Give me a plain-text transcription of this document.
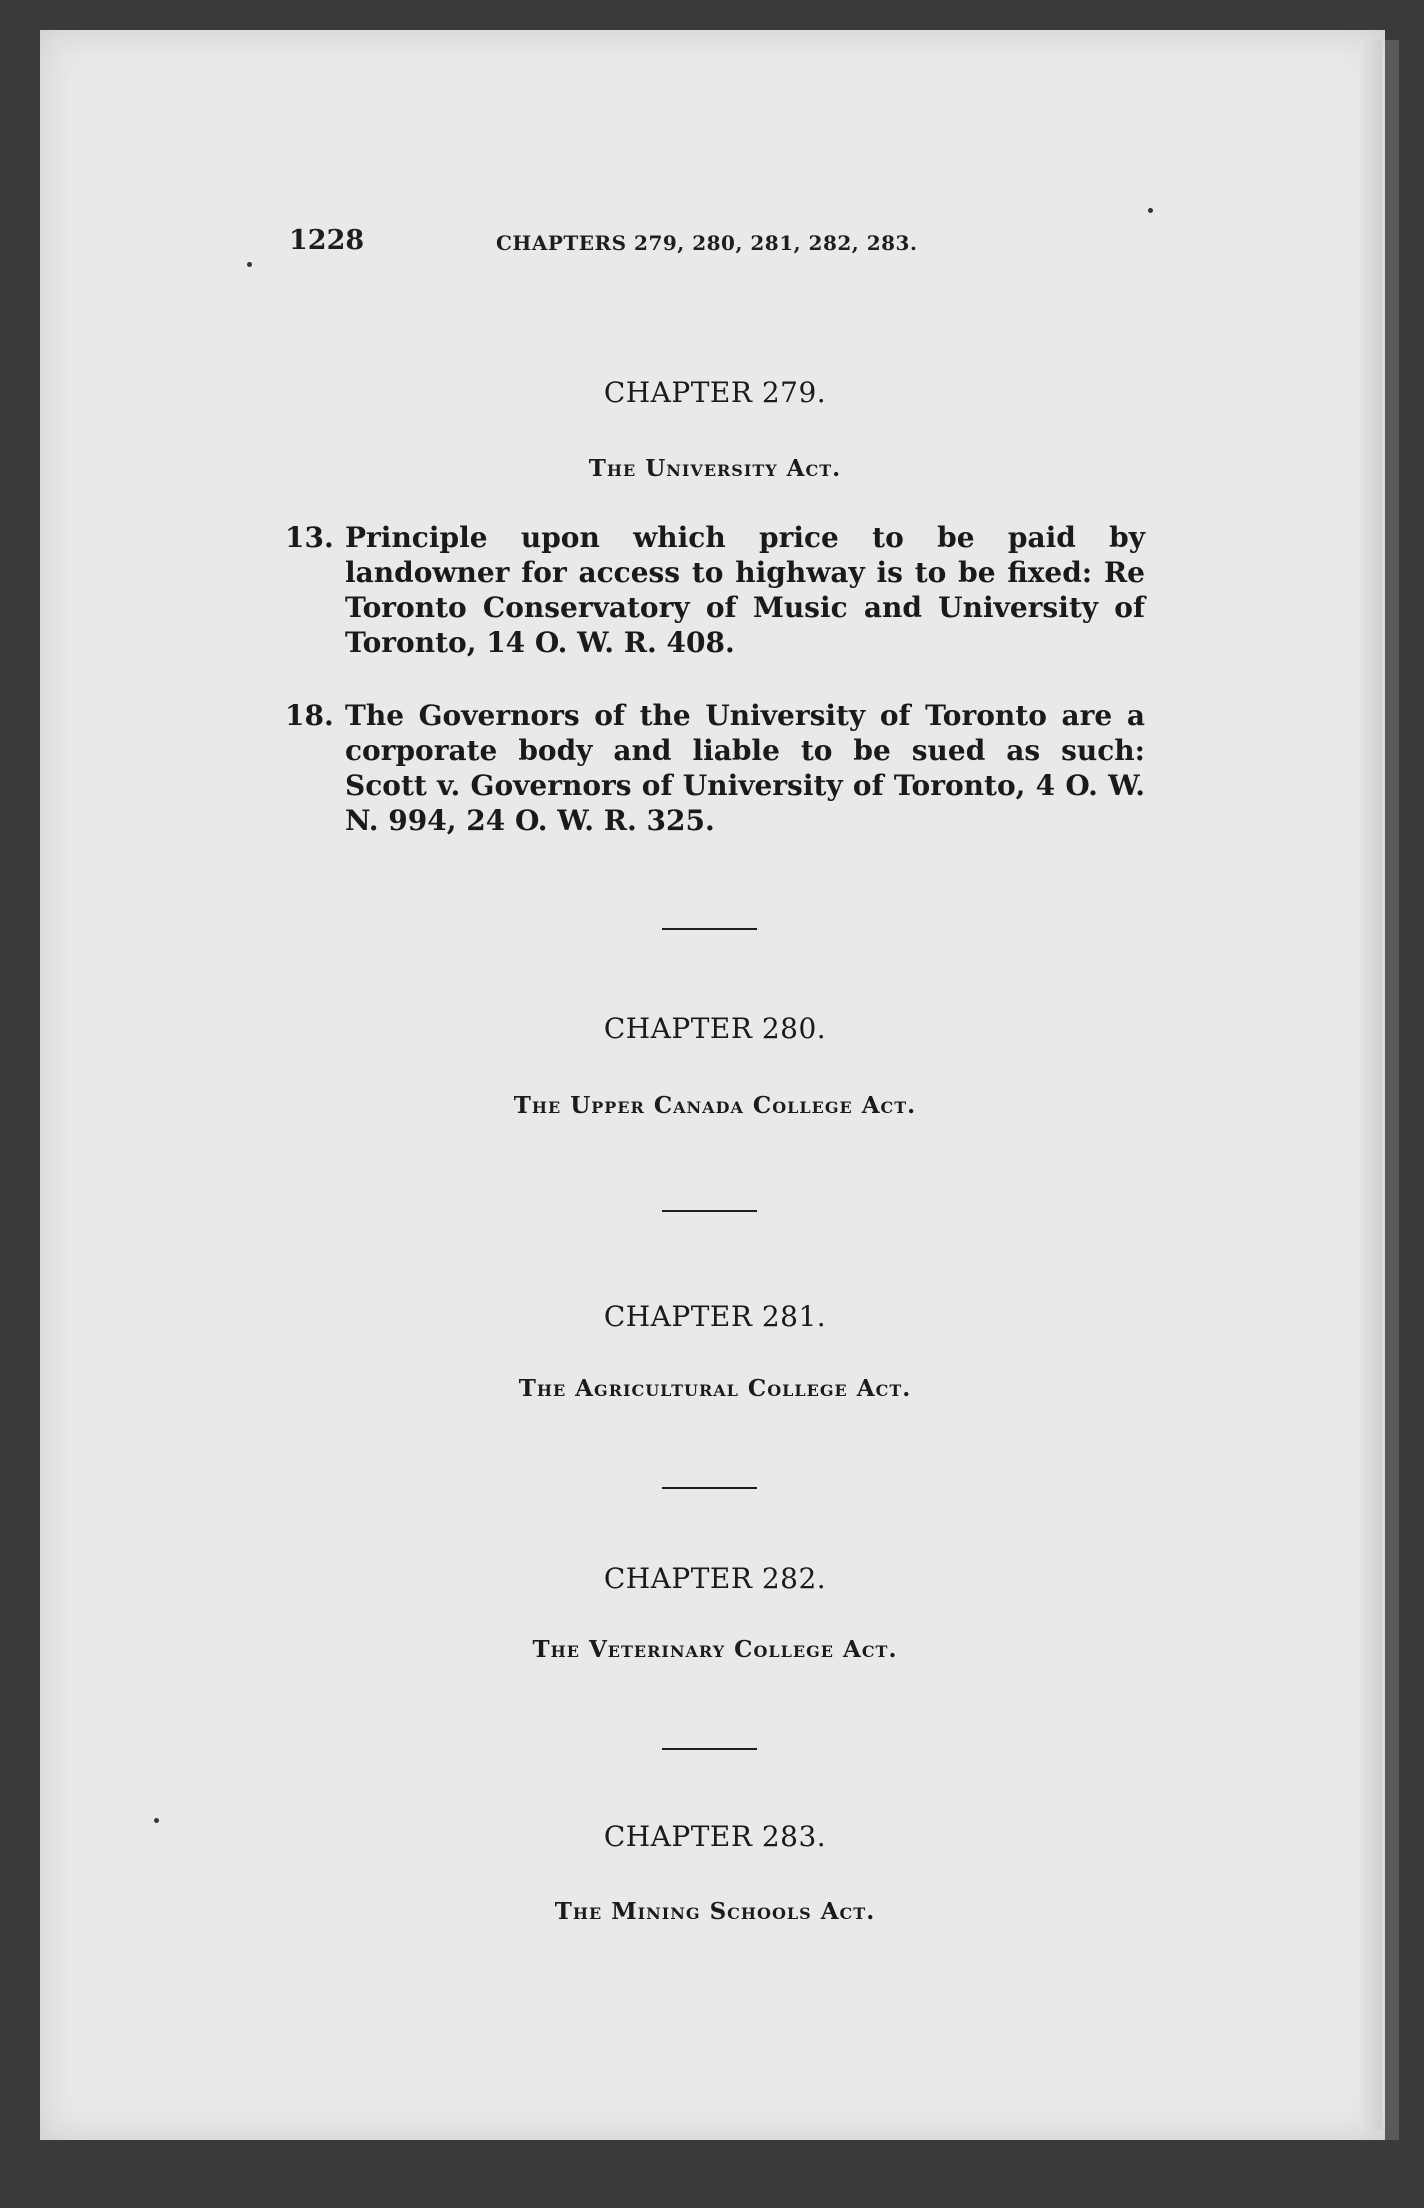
1228	CHAPTERS 279, 280, 281, 282, 283.
CHAPTER 279.
The University Act.
13. Principle upon which price to be paid by landowner for access to highway is to be fixed: Re Toronto Conservatory of Music and University of Toronto, 14 O. W. R. 408.
18. The Governors of the University of Toronto are a corporate body and liable to be sued as such: Scott v. Governors of University of Toronto, 4 O. W. N. 994, 24 O. W. R. 325.
CHAPTER 280.
The Upper Canada College Act.
CHAPTER 281.
The Agricultural College Act.
CHAPTER 282.
The Veterinary College Act.
CHAPTER 283.
The Mining Schools Act.
